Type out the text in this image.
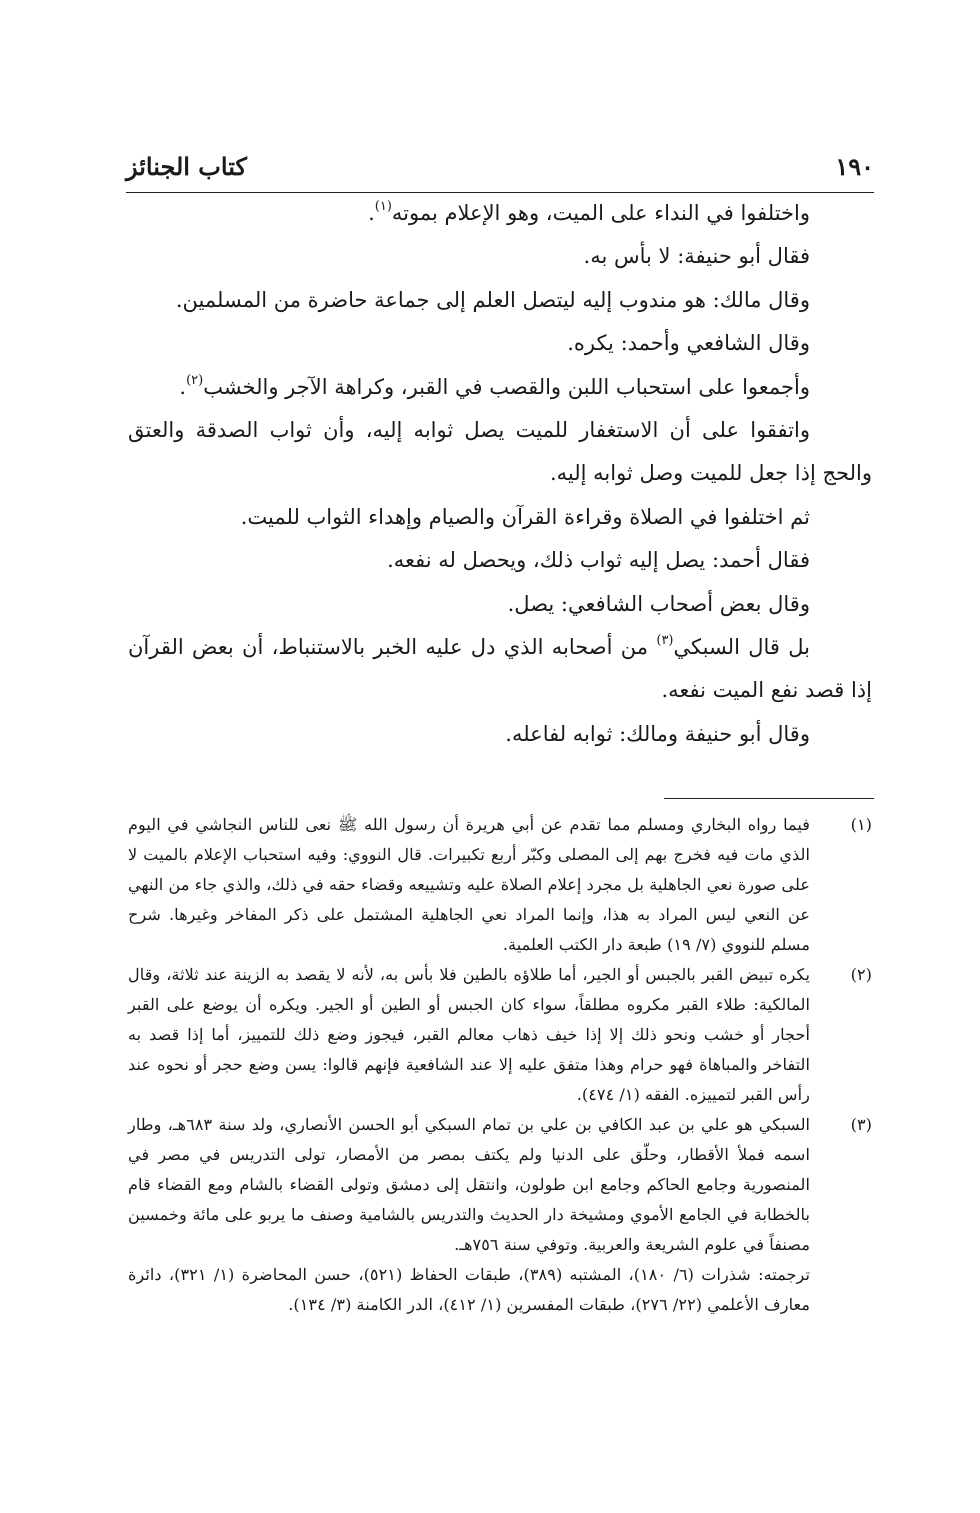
١٩٠
كتاب الجنائز

واختلفوا في النداء على الميت، وهو الإعلام بموته$^{(١)}$.

فقال أبو حنيفة: لا بأس به.

وقال مالك: هو مندوب إليه ليتصل العلم إلى جماعة حاضرة من المسلمين.

وقال الشافعي وأحمد: يكره.

وأجمعوا على استحباب اللبن والقصب في القبر، وكراهة الآجر والخشب$^{(٢)}$.

واتفقوا على أن الاستغفار للميت يصل ثوابه إليه، وأن ثواب الصدقة والعتق والحج إذا جعل للميت وصل ثوابه إليه.

ثم اختلفوا في الصلاة وقراءة القرآن والصيام وإهداء الثواب للميت.

فقال أحمد: يصل إليه ثواب ذلك، ويحصل له نفعه.

وقال بعض أصحاب الشافعي: يصل.

بل قال السبكي$^{(٣)}$ من أصحابه الذي دل عليه الخبر بالاستنباط، أن بعض القرآن إذا قصد نفع الميت نفعه.

وقال أبو حنيفة ومالك: ثوابه لفاعله.

(١)
فيما رواه البخاري ومسلم مما تقدم عن أبي هريرة أن رسول الله ﷺ نعى للناس النجاشي في اليوم الذي مات فيه فخرج بهم إلى المصلى وكبّر أربع تكبيرات. قال النووي: وفيه استحباب الإعلام بالميت لا على صورة نعي الجاهلية بل مجرد إعلام الصلاة عليه وتشييعه وقضاء حقه في ذلك، والذي جاء من النهي عن النعي ليس المراد به هذا، وإنما المراد نعي الجاهلية المشتمل على ذكر المفاخر وغيرها. شرح مسلم للنووي (٧/ ١٩) طبعة دار الكتب العلمية.
(٢)
يكره تبيض القبر بالجبس أو الجير، أما طلاؤه بالطين فلا بأس به، لأنه لا يقصد به الزينة عند ثلاثة، وقال المالكية: طلاء القبر مكروه مطلقاً، سواء كان الجبس أو الطين أو الجير. ويكره أن يوضع على القبر أحجار أو خشب ونحو ذلك إلا إذا خيف ذهاب معالم القبر، فيجوز وضع ذلك للتمييز، أما إذا قصد به التفاخر والمباهاة فهو حرام وهذا متفق عليه إلا عند الشافعية فإنهم قالوا: يسن وضع حجر أو نحوه عند رأس القبر لتمييزه. الفقه (١/ ٤٧٤).
(٣)
السبكي هو علي بن عبد الكافي بن علي بن تمام السبكي أبو الحسن الأنصاري، ولد سنة ٦٨٣هـ، وطار اسمه فملأ الأقطار، وحلّق على الدنيا ولم يكتف بمصر من الأمصار، تولى التدريس في مصر في المنصورية وجامع الحاكم وجامع ابن طولون، وانتقل إلى دمشق وتولى القضاء بالشام ومع القضاء قام بالخطابة في الجامع الأموي ومشيخة دار الحديث والتدريس بالشامية وصنف ما يربو على مائة وخمسين مصنفاً في علوم الشريعة والعربية. وتوفي سنة ٧٥٦هـ.

ترجمته: شذرات (٦/ ١٨٠)، المشتبه (٣٨٩)، طبقات الحفاظ (٥٢١)، حسن المحاضرة (١/ ٣٢١)، دائرة معارف الأعلمي (٢٢/ ٢٧٦)، طبقات المفسرين (١/ ٤١٢)، الدر الكامنة (٣/ ١٣٤).
